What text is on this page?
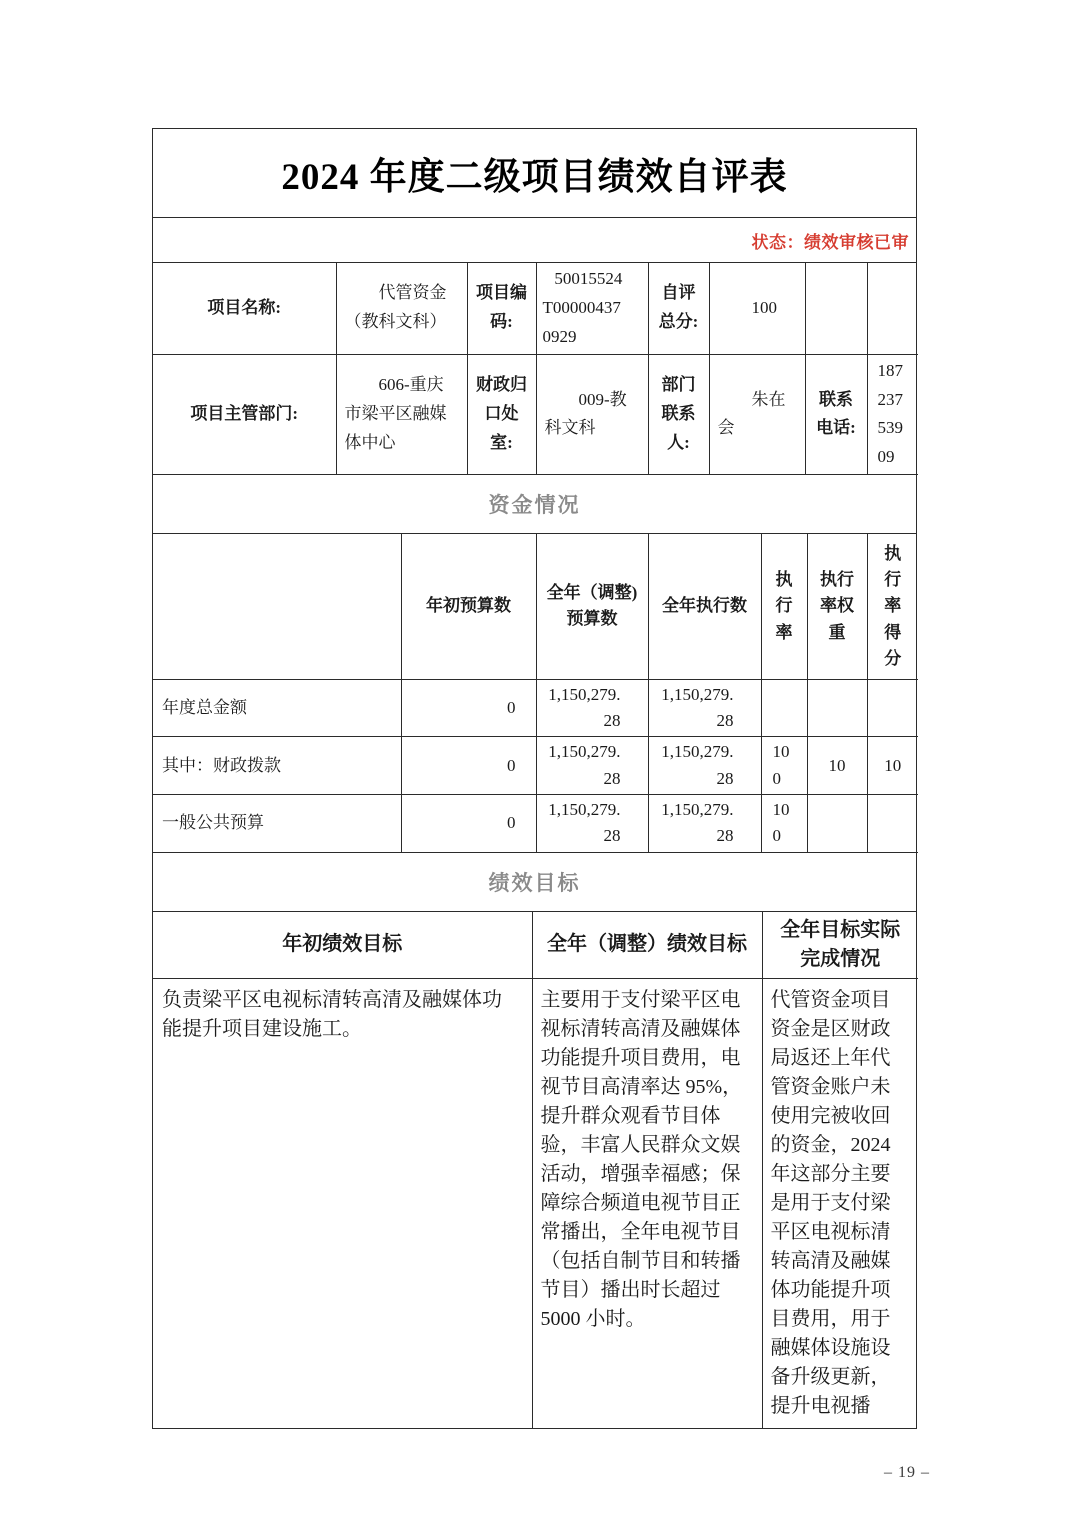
2024 年度二级项目绩效自评表
状态：绩效审核已审
项目名称:	代管资金（教科文科）	项目编码:	50015524T000004370929	自评总分:	100		
项目主管部门:	606-重庆市梁平区融媒体中心	财政归口处室:	009-教科文科	部门联系人:	朱在会	联系电话:	18723753909
资金情况
	年初预算数	全年（调整)预算数	全年执行数	执行率	执行率权重	执行率得分
年度总金额	0	1,150,279.28	1,150,279.28			
其中：财政拨款	0	1,150,279.28	1,150,279.28	100	10	10
一般公共预算	0	1,150,279.28	1,150,279.28	100		
绩效目标
年初绩效目标	全年（调整）绩效目标	全年目标实际完成情况
负责梁平区电视标清转高清及融媒体功能提升项目建设施工。	主要用于支付梁平区电视标清转高清及融媒体功能提升项目费用，电视节目高清率达 95%，提升群众观看节目体验，丰富人民群众文娱活动，增强幸福感；保障综合频道电视节目正常播出，全年电视节目（包括自制节目和转播节目）播出时长超过 5000 小时。	代管资金项目资金是区财政局返还上年代管资金账户未使用完被收回的资金，2024 年这部分主要是用于支付梁平区电视标清转高清及融媒体功能提升项目费用，用于融媒体设施设备升级更新，提升电视播
– 19 –
